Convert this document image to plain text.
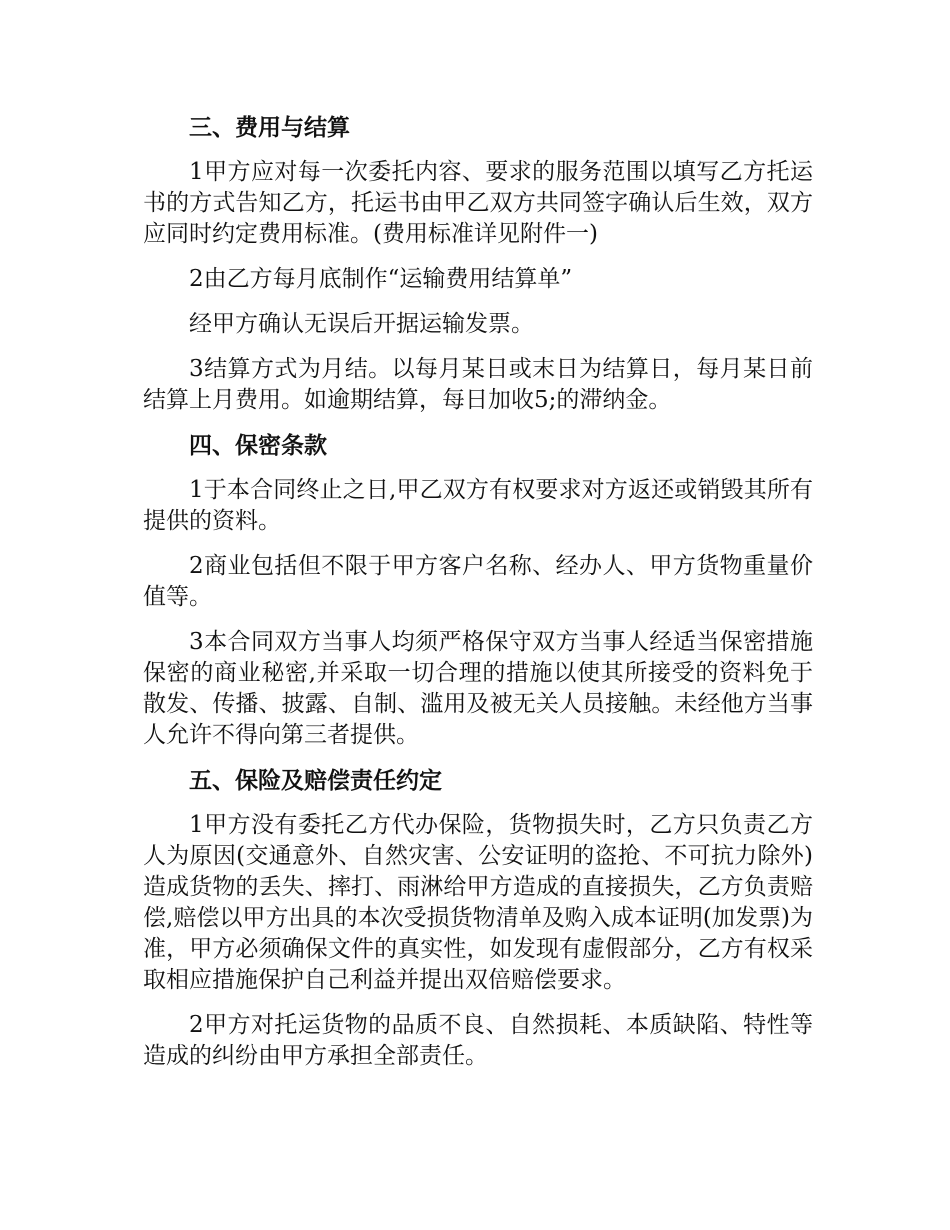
三、费用与结算

1甲方应对每一次委托内容、要求的服务范围以填写乙方托运书的方式告知乙方，托运书由甲乙双方共同签字确认后生效，双方应同时约定费用标准。(费用标准详见附件一)

2由乙方每月底制作“运输费用结算单”

经甲方确认无误后开据运输发票。

3结算方式为月结。以每月某日或末日为结算日，每月某日前结算上月费用。如逾期结算，每日加收5;的滞纳金。

四、保密条款

1于本合同终止之日,甲乙双方有权要求对方返还或销毁其所有提供的资料。

2商业包括但不限于甲方客户名称、经办人、甲方货物重量价值等。

3本合同双方当事人均须严格保守双方当事人经适当保密措施保密的商业秘密,并采取一切合理的措施以使其所接受的资料免于散发、传播、披露、自制、滥用及被无关人员接触。未经他方当事人允许不得向第三者提供。

五、保险及赔偿责任约定

1甲方没有委托乙方代办保险，货物损失时，乙方只负责乙方人为原因(交通意外、自然灾害、公安证明的盗抢、不可抗力除外)造成货物的丢失、摔打、雨淋给甲方造成的直接损失，乙方负责赔偿,赔偿以甲方出具的本次受损货物清单及购入成本证明(加发票)为准，甲方必须确保文件的真实性，如发现有虚假部分，乙方有权采取相应措施保护自己利益并提出双倍赔偿要求。

2甲方对托运货物的品质不良、自然损耗、本质缺陷、特性等造成的纠纷由甲方承担全部责任。
